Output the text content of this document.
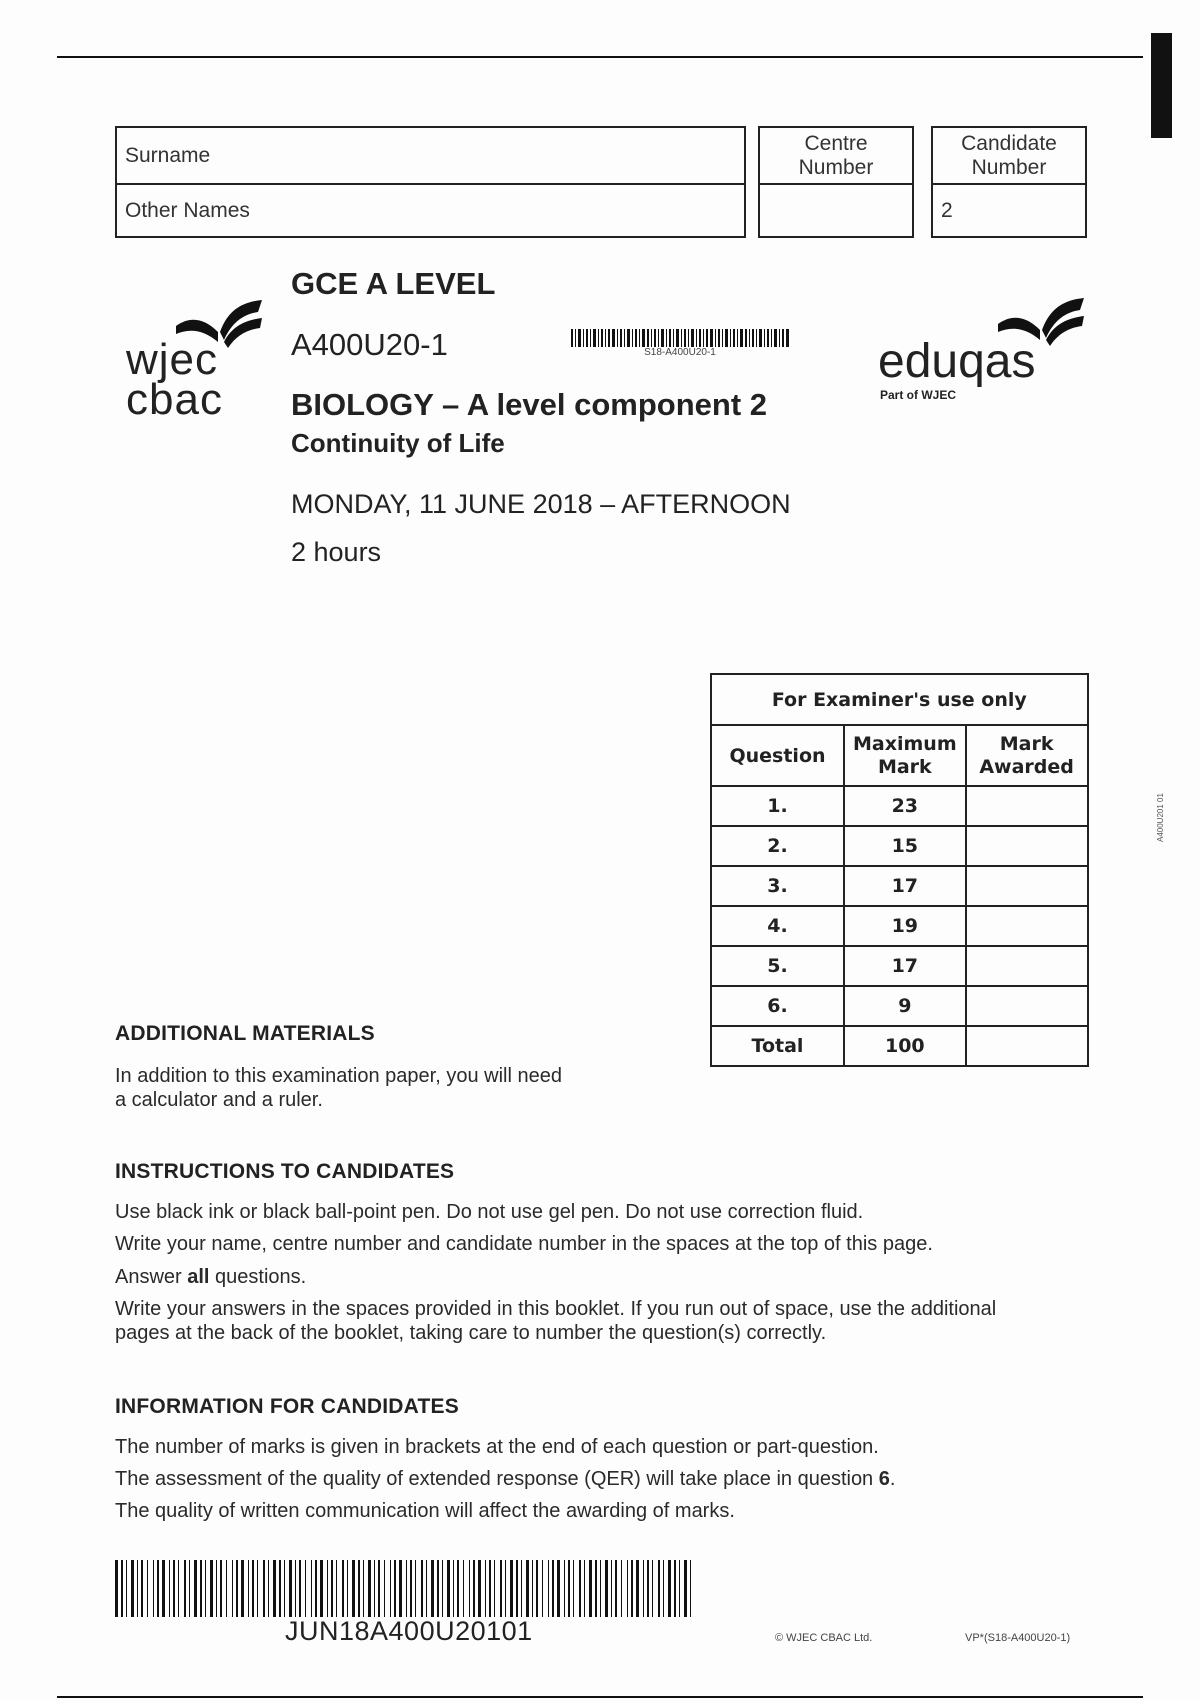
A400U201 01
Surname
Other Names
Centre Number
Candidate Number
2
wjec
cbac
eduqas
Part of WJEC
GCE A LEVEL
A400U20-1	S18-A400U20-1
BIOLOGY – A level component 2
Continuity of Life
MONDAY, 11 JUNE 2018 – AFTERNOON
2 hours
For Examiner's use only		
Question	Maximum Mark	Mark Awarded
1.	23	
2.	15	
3.	17	
4.	19	
5.	17	
6.	9	
Total	100	
ADDITIONAL MATERIALS
In addition to this examination paper, you will need
a calculator and a ruler.
INSTRUCTIONS TO CANDIDATES
Use black ink or black ball-point pen. Do not use gel pen. Do not use correction fluid.
Write your name, centre number and candidate number in the spaces at the top of this page.
Answer all questions.
Write your answers in the spaces provided in this booklet. If you run out of space, use the additional
pages at the back of the booklet, taking care to number the question(s) correctly.
INFORMATION FOR CANDIDATES
The number of marks is given in brackets at the end of each question or part-question.
The assessment of the quality of extended response (QER) will take place in question 6.
The quality of written communication will affect the awarding of marks.
JUN18A400U20101	© WJEC CBAC Ltd.	VP*(S18-A400U20-1)
